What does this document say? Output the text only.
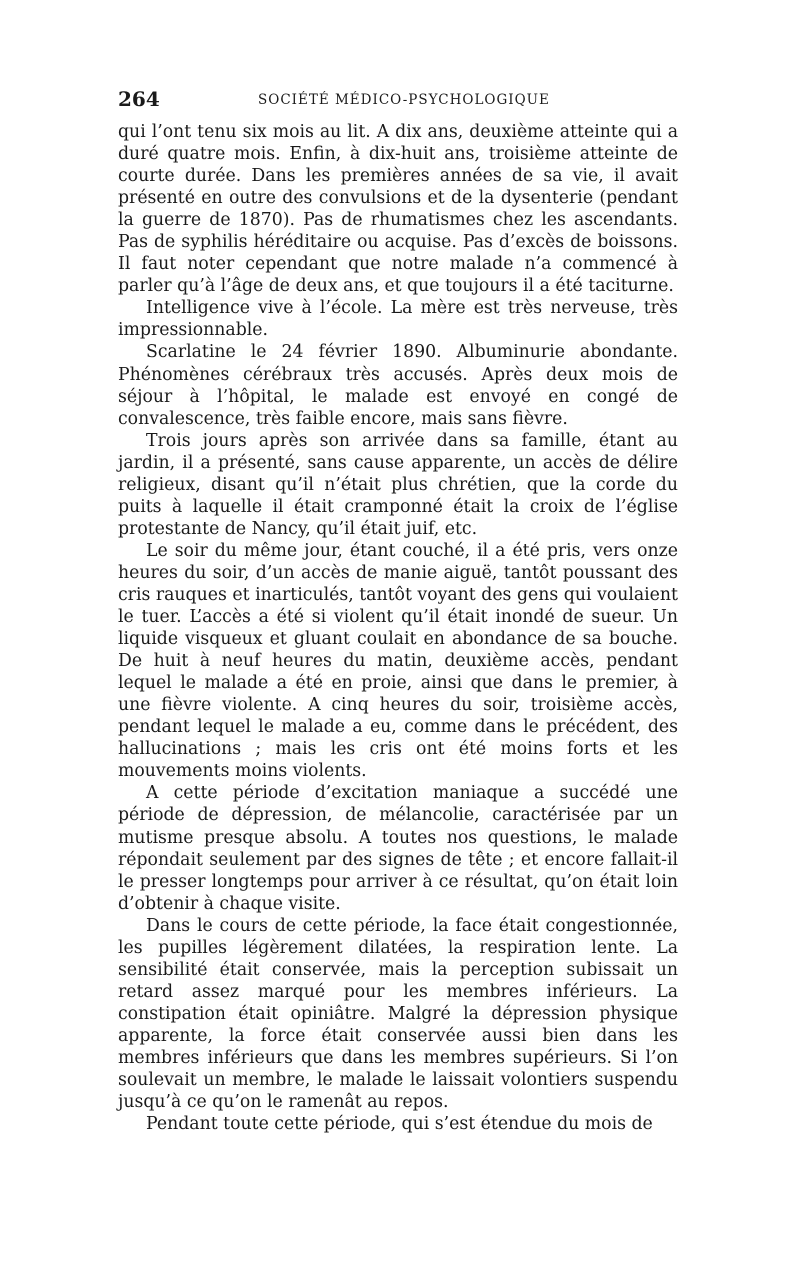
264	SOCIÉTÉ MÉDICO-PSYCHOLOGIQUE

qui l’ont tenu six mois au lit. A dix ans, deuxième atteinte qui a duré quatre mois. Enfin, à dix-huit ans, troisième atteinte de courte durée. Dans les premières années de sa vie, il avait présenté en outre des convulsions et de la dysenterie (pendant la guerre de 1870). Pas de rhumatismes chez les ascendants. Pas de syphilis héréditaire ou acquise. Pas d’excès de boissons. Il faut noter cependant que notre malade n’a commencé à parler qu’à l’âge de deux ans, et que toujours il a été taciturne.

Intelligence vive à l’école. La mère est très nerveuse, très impressionnable.

Scarlatine le 24 février 1890. Albuminurie abondante. Phénomènes cérébraux très accusés. Après deux mois de séjour à l’hôpital, le malade est envoyé en congé de convalescence, très faible encore, mais sans fièvre.

Trois jours après son arrivée dans sa famille, étant au jardin, il a présenté, sans cause apparente, un accès de délire religieux, disant qu’il n’était plus chrétien, que la corde du puits à laquelle il était cramponné était la croix de l’église protestante de Nancy, qu’il était juif, etc.

Le soir du même jour, étant couché, il a été pris, vers onze heures du soir, d’un accès de manie aiguë, tantôt poussant des cris rauques et inarticulés, tantôt voyant des gens qui voulaient le tuer. L’accès a été si violent qu’il était inondé de sueur. Un liquide visqueux et gluant coulait en abondance de sa bouche. De huit à neuf heures du matin, deuxième accès, pendant lequel le malade a été en proie, ainsi que dans le premier, à une fièvre violente. A cinq heures du soir, troisième accès, pendant lequel le malade a eu, comme dans le précédent, des hallucinations ; mais les cris ont été moins forts et les mouvements moins violents.

A cette période d’excitation maniaque a succédé une période de dépression, de mélancolie, caractérisée par un mutisme presque absolu. A toutes nos questions, le malade répondait seulement par des signes de tête ; et encore fallait-il le presser longtemps pour arriver à ce résultat, qu’on était loin d’obtenir à chaque visite.

Dans le cours de cette période, la face était congestionnée, les pupilles légèrement dilatées, la respiration lente. La sensibilité était conservée, mais la perception subissait un retard assez marqué pour les membres inférieurs. La constipation était opiniâtre. Malgré la dépression physique apparente, la force était conservée aussi bien dans les membres inférieurs que dans les membres supérieurs. Si l’on soulevait un membre, le malade le laissait volontiers suspendu jusqu’à ce qu’on le ramenât au repos.

Pendant toute cette période, qui s’est étendue du mois de
